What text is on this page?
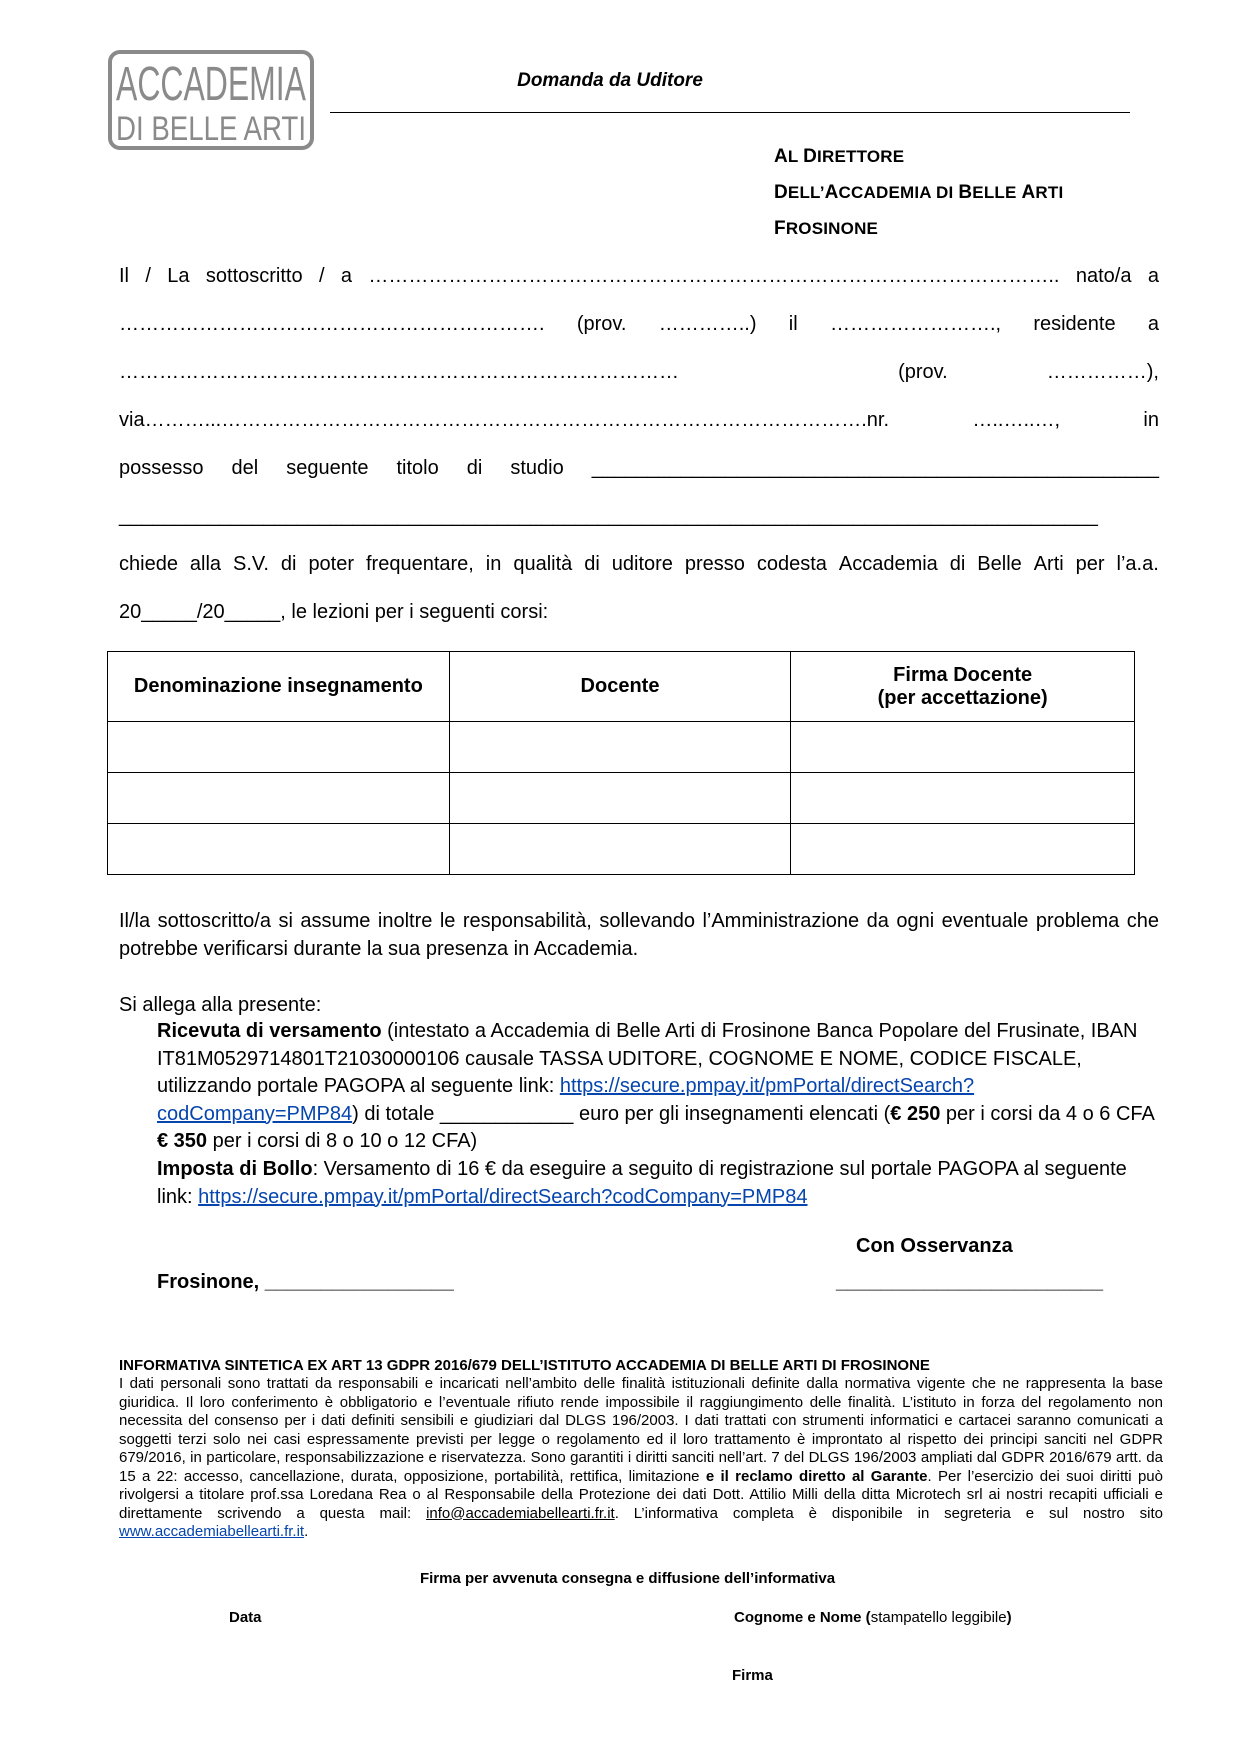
ACCADEMIA
DI BELLE ARTI
Domanda da Uditore
AL DIRETTORE
DELL’ACCADEMIA DI BELLE ARTI
FROSINONE
Il / La sottoscritto / a ………………………………………………………………………………………….. nato/a a
………………………………………………………. (prov. …………..) il ……………………., residente a
…………………………………………………………………………	(prov.	……………),
via………...…………………………………………………………………………………….nr.	…..…..…,	in
possesso del seguente titolo di studio ___________________________________________________
________________________________________________________________________________________
chiede alla S.V. di poter frequentare, in qualità di uditore presso codesta Accademia di Belle Arti per l’a.a.
20_____/20_____, le lezioni per i seguenti corsi:
Denominazione insegnamento	Docente	Firma Docente
(per accettazione)

Il/la sottoscritto/a si assume inoltre le responsabilità, sollevando l’Amministrazione da ogni eventuale problema che potrebbe verificarsi durante la sua presenza in Accademia.
Si allega alla presente:
Ricevuta di versamento (intestato a Accademia di Belle Arti di Frosinone Banca Popolare del Frusinate, IBAN IT81M0529714801T21030000106 causale TASSA UDITORE, COGNOME E NOME, CODICE FISCALE, utilizzando portale PAGOPA al seguente link: https://secure.pmpay.it/pmPortal/directSearch?codCompany=PMP84) di totale ____________ euro per gli insegnamenti elencati (€ 250 per i corsi da 4 o 6 CFA € 350 per i corsi di 8 o 10 o 12 CFA)
Imposta di Bollo: Versamento di 16 € da eseguire a seguito di registrazione sul portale PAGOPA al seguente link: https://secure.pmpay.it/pmPortal/directSearch?codCompany=PMP84
Con Osservanza
Frosinone, _________________	________________________
INFORMATIVA SINTETICA EX ART 13 GDPR 2016/679 DELL’ISTITUTO ACCADEMIA DI BELLE ARTI DI FROSINONE
I dati personali sono trattati da responsabili e incaricati nell’ambito delle finalità istituzionali definite dalla normativa vigente che ne rappresenta la base giuridica. Il loro conferimento è obbligatorio e l’eventuale rifiuto rende impossibile il raggiungimento delle finalità. L’istituto in forza del regolamento non necessita del consenso per i dati definiti sensibili e giudiziari dal DLGS 196/2003. I dati trattati con strumenti informatici e cartacei saranno comunicati a soggetti terzi solo nei casi espressamente previsti per legge o regolamento ed il loro trattamento è improntato al rispetto dei principi sanciti nel GDPR 679/2016, in particolare, responsabilizzazione e riservatezza. Sono garantiti i diritti sanciti nell’art. 7 del DLGS 196/2003 ampliati dal GDPR 2016/679 artt. da 15 a 22: accesso, cancellazione, durata, opposizione, portabilità, rettifica, limitazione e il reclamo diretto al Garante. Per l’esercizio dei suoi diritti può rivolgersi a titolare prof.ssa Loredana Rea o al Responsabile della Protezione dei dati Dott. Attilio Milli della ditta Microtech srl ai nostri recapiti ufficiali e direttamente scrivendo a questa mail: info@accademiabellearti.fr.it. L’informativa completa è disponibile in segreteria e sul nostro sito www.accademiabellearti.fr.it.
Firma per avvenuta consegna e diffusione dell’informativa
Data	Cognome e Nome (stampatello leggibile)
Firma
